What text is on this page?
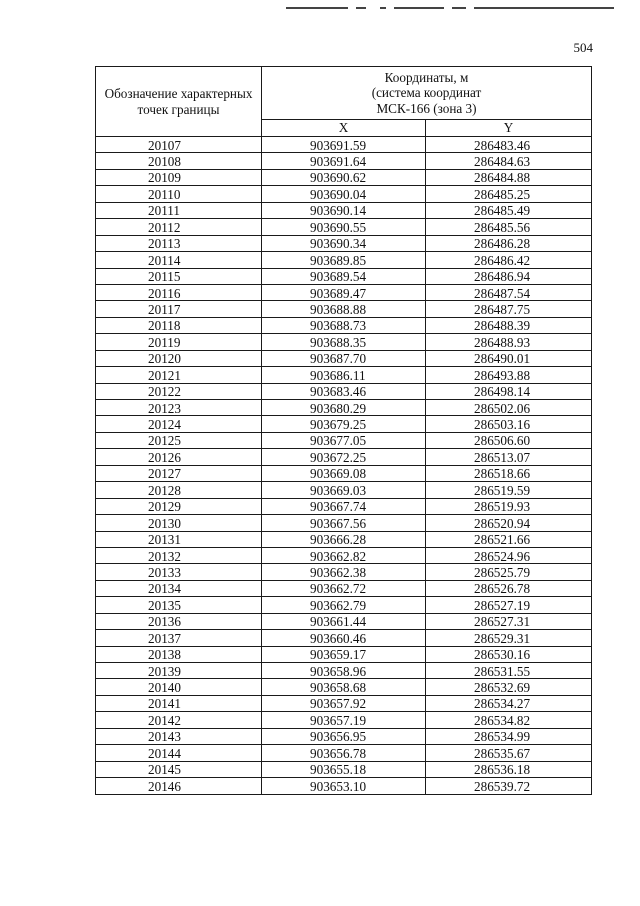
504
Обозначение характерных точек границы	Координаты, м
(система координат
МСК-166 (зона 3)	

	X	Y
20107	903691.59	286483.46
20108	903691.64	286484.63
20109	903690.62	286484.88
20110	903690.04	286485.25
20111	903690.14	286485.49
20112	903690.55	286485.56
20113	903690.34	286486.28
20114	903689.85	286486.42
20115	903689.54	286486.94
20116	903689.47	286487.54
20117	903688.88	286487.75
20118	903688.73	286488.39
20119	903688.35	286488.93
20120	903687.70	286490.01
20121	903686.11	286493.88
20122	903683.46	286498.14
20123	903680.29	286502.06
20124	903679.25	286503.16
20125	903677.05	286506.60
20126	903672.25	286513.07
20127	903669.08	286518.66
20128	903669.03	286519.59
20129	903667.74	286519.93
20130	903667.56	286520.94
20131	903666.28	286521.66
20132	903662.82	286524.96
20133	903662.38	286525.79
20134	903662.72	286526.78
20135	903662.79	286527.19
20136	903661.44	286527.31
20137	903660.46	286529.31
20138	903659.17	286530.16
20139	903658.96	286531.55
20140	903658.68	286532.69
20141	903657.92	286534.27
20142	903657.19	286534.82
20143	903656.95	286534.99
20144	903656.78	286535.67
20145	903655.18	286536.18
20146	903653.10	286539.72
